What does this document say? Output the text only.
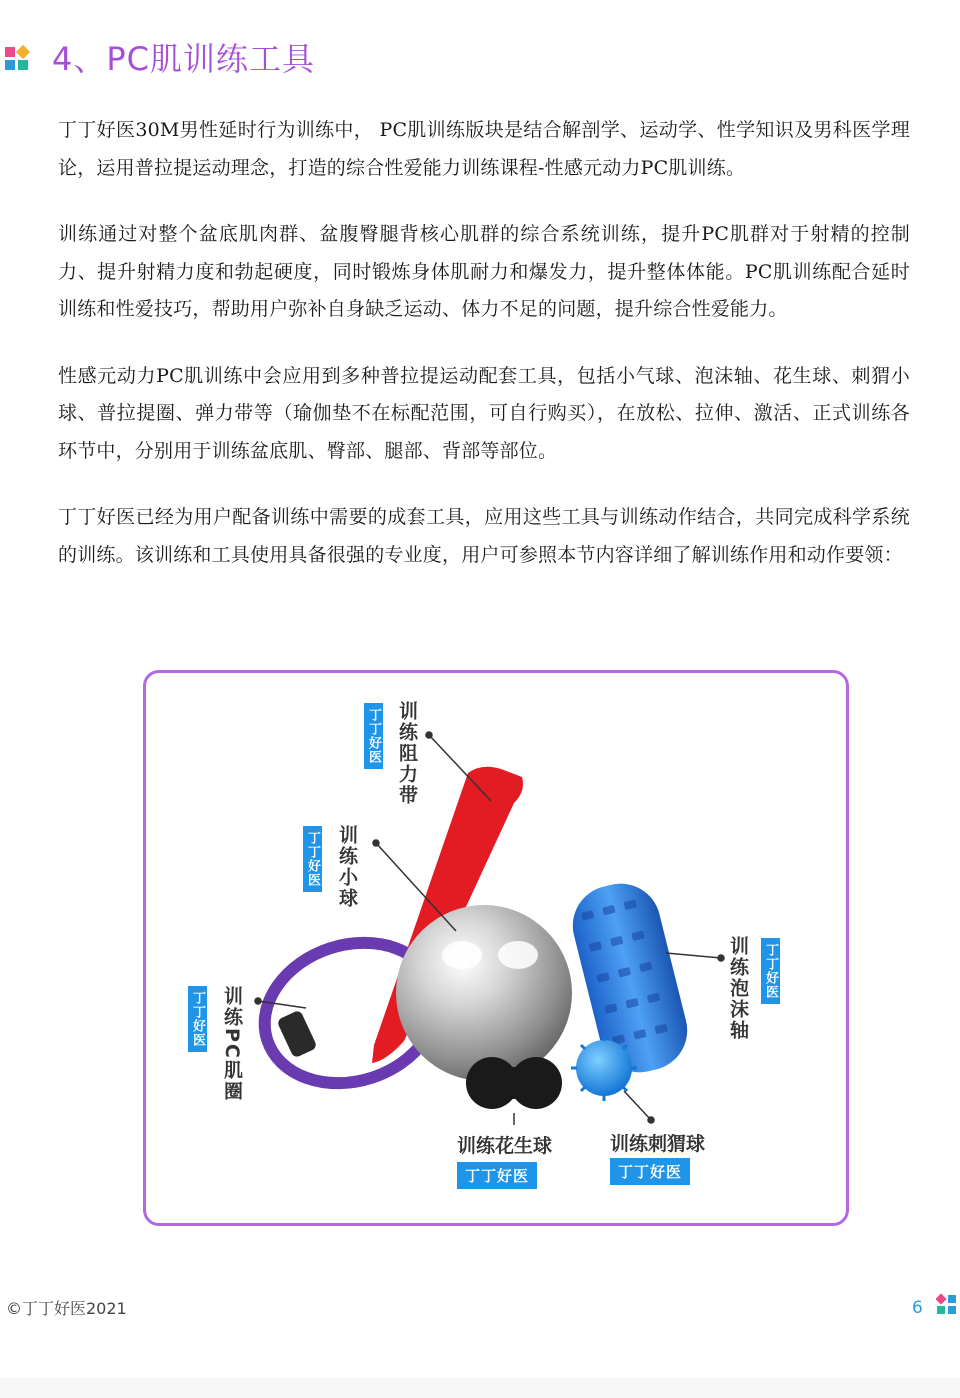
4、PC肌训练工具

丁丁好医30M男性延时行为训练中， PC肌训练版块是结合解剖学、运动学、性学知识及男科医学理论，运用普拉提运动理念，打造的综合性爱能力训练课程-性感元动力PC肌训练。

训练通过对整个盆底肌肉群、盆腹臀腿背核心肌群的综合系统训练，提升PC肌群对于射精的控制力、提升射精力度和勃起硬度，同时锻炼身体肌耐力和爆发力，提升整体体能。PC肌训练配合延时训练和性爱技巧，帮助用户弥补自身缺乏运动、体力不足的问题，提升综合性爱能力。

性感元动力PC肌训练中会应用到多种普拉提运动配套工具，包括小气球、泡沫轴、花生球、刺猬小球、普拉提圈、弹力带等（瑜伽垫不在标配范围，可自行购买），在放松、拉伸、激活、正式训练各环节中，分别用于训练盆底肌、臀部、腿部、背部等部位。

丁丁好医已经为用户配备训练中需要的成套工具，应用这些工具与训练动作结合，共同完成科学系统的训练。该训练和工具使用具备很强的专业度，用户可参照本节内容详细了解训练作用和动作要领：

丁丁好医 训练阻力带
丁丁好医 训练小球
丁丁好医 训练PC肌圈	训练泡沫轴 丁丁好医
训练花生球
丁丁好医
训练刺猬球
丁丁好医
©丁丁好医2021	6
